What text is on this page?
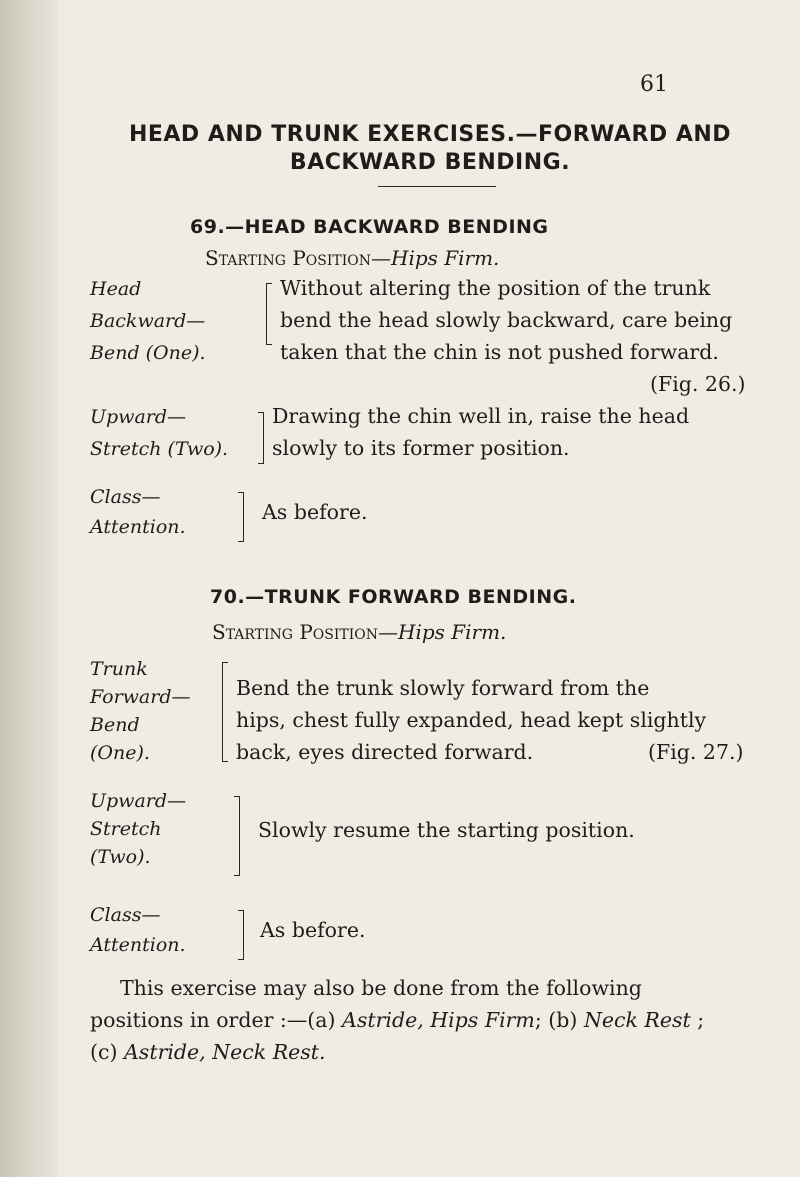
61
HEAD AND TRUNK EXERCISES.—FORWARD AND
BACKWARD BENDING.
69.—HEAD BACKWARD BENDING
Starting Position—Hips Firm.
Head
Backward—
Bend (One).
Without altering the position of the trunk
bend the head slowly backward, care being
taken that the chin is not pushed forward.
(Fig. 26.)
Upward—
Stretch (Two).
Drawing the chin well in, raise the head
slowly to its former position.
Class—
Attention.
As before.
70.—TRUNK FORWARD BENDING.
Starting Position—Hips Firm.
Trunk
Forward—
Bend
(One).
Bend the trunk slowly forward from the
hips, chest fully expanded, head kept slightly
back, eyes directed forward.	(Fig. 27.)
Upward—
Stretch
(Two).
Slowly resume the starting position.
Class—
Attention.
As before.
This exercise may also be done from the following
positions in order :—(a) Astride, Hips Firm; (b) Neck Rest ;
(c) Astride, Neck Rest.
